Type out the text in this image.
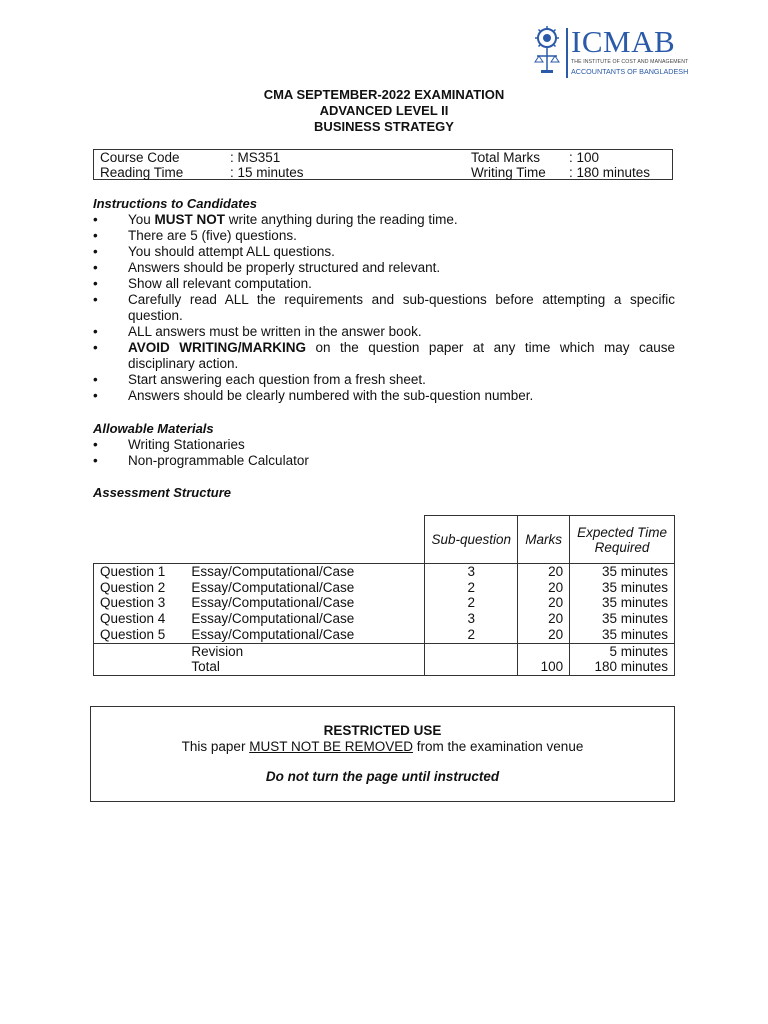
ICMAB
THE INSTITUTE OF COST AND MANAGEMENT
ACCOUNTANTS OF BANGLADESH
CMA SEPTEMBER-2022 EXAMINATION
ADVANCED LEVEL II
BUSINESS STRATEGY
Course Code	: MS351	Total Marks : 100
Reading Time	: 15 minutes	Writing Time : 180 minutes
Instructions to Candidates

• You MUST NOT write anything during the reading time.

• There are 5 (five) questions.

• You should attempt ALL questions.

• Answers should be properly structured and relevant.

• Show all relevant computation.

• Carefully read ALL the requirements and sub-questions before attempting a specific question.

• ALL answers must be written in the answer book.

• AVOID WRITING/MARKING on the question paper at any time which may cause disciplinary action.

• Start answering each question from a fresh sheet.

• Answers should be clearly numbered with the sub-question number.

Allowable Materials

• Writing Stationaries

• Non-programmable Calculator

Assessment Structure
		Sub-question	Marks	Expected Time Required
Question 1	Essay/Computational/Case	3	20	35 minutes
Question 2	Essay/Computational/Case	2	20	35 minutes
Question 3	Essay/Computational/Case	2	20	35 minutes
Question 4	Essay/Computational/Case	3	20	35 minutes
Question 5	Essay/Computational/Case	2	20	35 minutes
	Revision			5 minutes
	Total		100	180 minutes
RESTRICTED USE
This paper MUST NOT BE REMOVED from the examination venue
Do not turn the page until instructed
